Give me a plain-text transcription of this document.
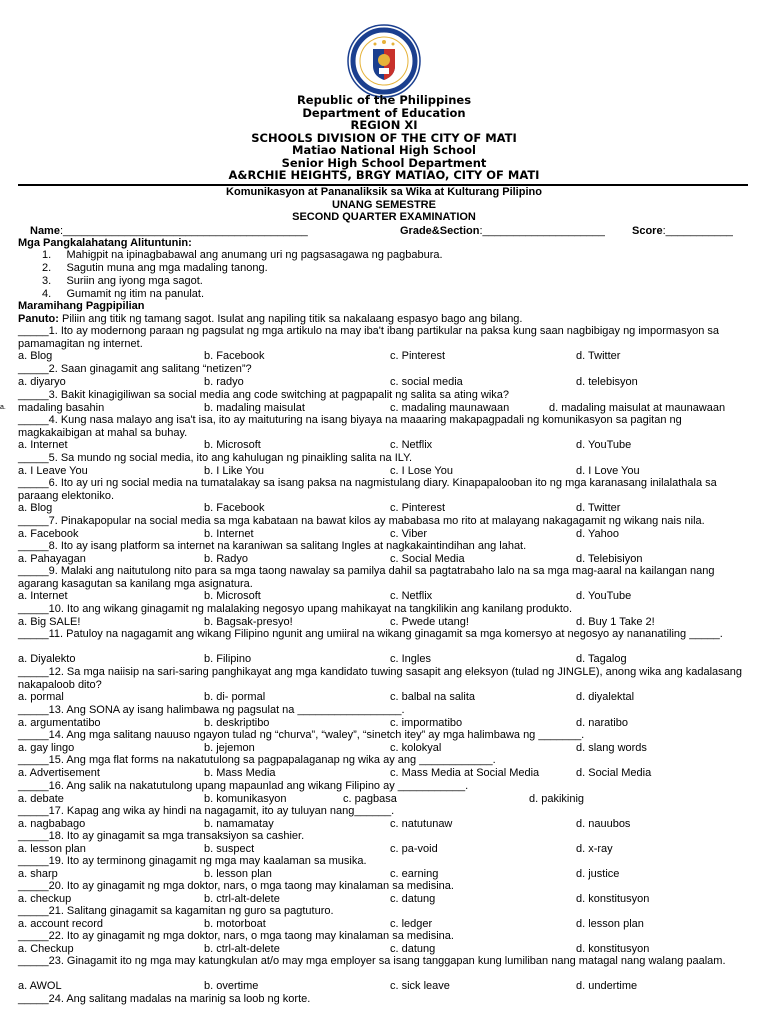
Republic of the Philippines
Department of Education
REGION XI
SCHOOLS DIVISION OF THE CITY OF MATI
Matiao National High School
Senior High School Department
A&RCHIE HEIGHTS, BRGY MATIAO, CITY OF MATI
Komunikasyon at Pananaliksik sa Wika at Kulturang Pilipino
UNANG SEMESTRE
SECOND QUARTER EXAMINATION
Name:________________________________________	Grade&Section:____________________ Score:___________
Mga Pangkalahatang Alituntunin:
1.     Mahigpit na ipinagbabawal ang anumang uri ng pagsasagawa ng pagbabura.
2.     Sagutin muna ang mga madaling tanong.
3.     Suriin ang iyong mga sagot.
4.     Gumamit ng itim na panulat.
Maramihang Pagpipilian
Panuto: Piliin ang titik ng tamang sagot. Isulat ang napiling titik sa nakalaang espasyo bago ang bilang.
_____1. Ito ay modernong paraan ng pagsulat ng mga artikulo na may iba't ibang partikular na paksa kung saan nagbibigay ng impormasyon sa pamamagitan ng internet.
a. Blog	b. Facebook	c. Pinterest	d. Twitter
_____2. Saan ginagamit ang salitang “netizen”?
a. diyaryo	b. radyo	c. social media	d. telebisyon
_____3. Bakit kinagigiliwan sa social media ang code switching at pagpapalit ng salita sa ating wika?
a. madaling basahin	b. madaling maisulat	c. madaling maunawaan	d. madaling maisulat at maunawaan
_____4. Kung nasa malayo ang isa't isa, ito ay maituturing na isang biyaya na maaaring makapagpadali ng komunikasyon sa pagitan ng magkakaibigan at mahal sa buhay.
a. Internet	b. Microsoft	c. Netflix	d. YouTube
_____5. Sa mundo ng social media, ito ang kahulugan ng pinaikling salita na ILY.
a. I Leave You	b. I Like You	c. I Lose You	d. I Love You
_____6. Ito ay uri ng social media na tumatalakay sa isang paksa na nagmistulang diary. Kinapapalooban ito ng mga karanasang inilalathala sa paraang elektoniko.
a. Blog	b. Facebook	c. Pinterest	d. Twitter
_____7. Pinakapopular na social media sa mga kabataan na bawat kilos ay mababasa mo rito at malayang nakagagamit ng wikang nais nila.
a. Facebook	b. Internet	c. Viber	d. Yahoo
_____8. Ito ay isang platform sa internet na karaniwan sa salitang Ingles at nagkakaintindihan ang lahat.
a. Pahayagan	b. Radyo	c. Social Media	d. Telebisiyon
_____9. Malaki ang naitutulong nito para sa mga taong nawalay sa pamilya dahil sa pagtatrabaho lalo na sa mga mag-aaral na kailangan nang agarang kasagutan sa kanilang mga asignatura.
a. Internet	b. Microsoft	c. Netflix	d. YouTube
_____10. Ito ang wikang ginagamit ng malalaking negosyo upang mahikayat na tangkilikin ang kanilang produkto.
a. Big SALE!	b. Bagsak-presyo!	c. Pwede utang!	d. Buy 1 Take 2!
_____11. Patuloy na nagagamit ang wikang Filipino ngunit ang umiiral na wikang ginagamit sa mga komersyo at negosyo ay nananatiling _____.
a. Diyalekto	b. Filipino	c. Ingles	d. Tagalog
_____12. Sa mga naiisip na sari-saring panghikayat ang mga kandidato tuwing sasapit ang eleksyon (tulad ng JINGLE), anong wika ang kadalasang nakapaloob dito?
a. pormal	b. di- pormal	c. balbal na salita	d. diyalektal
_____13. Ang SONA ay isang halimbawa ng pagsulat na _________________.
a. argumentatibo	b. deskriptibo	c. impormatibo	d. naratibo
_____14. Ang mga salitang nauuso ngayon tulad ng “churva”, “waley”, “sinetch itey” ay mga halimbawa ng _______.
a. gay lingo	b. jejemon	c. kolokyal	d. slang words
_____15. Ang mga flat forms na nakatutulong sa pagpapalaganap ng wika ay ang ____________.
a. Advertisement	b. Mass Media	c. Mass Media at Social Media	d. Social Media
_____16. Ang salik na nakatutulong upang mapaunlad ang wikang Filipino ay ___________.
a. debate	b. komunikasyon	c. pagbasa	d. pakikinig
_____17. Kapag ang wika ay hindi na nagagamit, ito ay tuluyan nang______.
a. nagbabago	b. namamatay	c. natutunaw	d. nauubos
_____18. Ito ay ginagamit sa mga transaksiyon sa cashier.
a. lesson plan	b. suspect	c. pa-void	d. x-ray
_____19. Ito ay terminong ginagamit ng mga may kaalaman sa musika.
a. sharp	b. lesson plan	c. earning	d. justice
_____20. Ito ay ginagamit ng mga doktor, nars, o mga taong may kinalaman sa medisina.
a. checkup	b. ctrl-alt-delete	c. datung	d. konstitusyon
_____21. Salitang ginagamit sa kagamitan ng guro sa pagtuturo.
a. account record	b. motorboat	c. ledger	d. lesson plan
_____22. Ito ay ginagamit ng mga doktor, nars, o mga taong may kinalaman sa medisina.
a. Checkup	b. ctrl-alt-delete	c. datung	d. konstitusyon
_____23. Ginagamit ito ng mga may katungkulan at/o may mga employer sa isang tanggapan kung lumiliban nang matagal nang walang paalam.
a. AWOL	b. overtime	c. sick leave	d. undertime
_____24. Ang salitang madalas na marinig sa loob ng korte.
